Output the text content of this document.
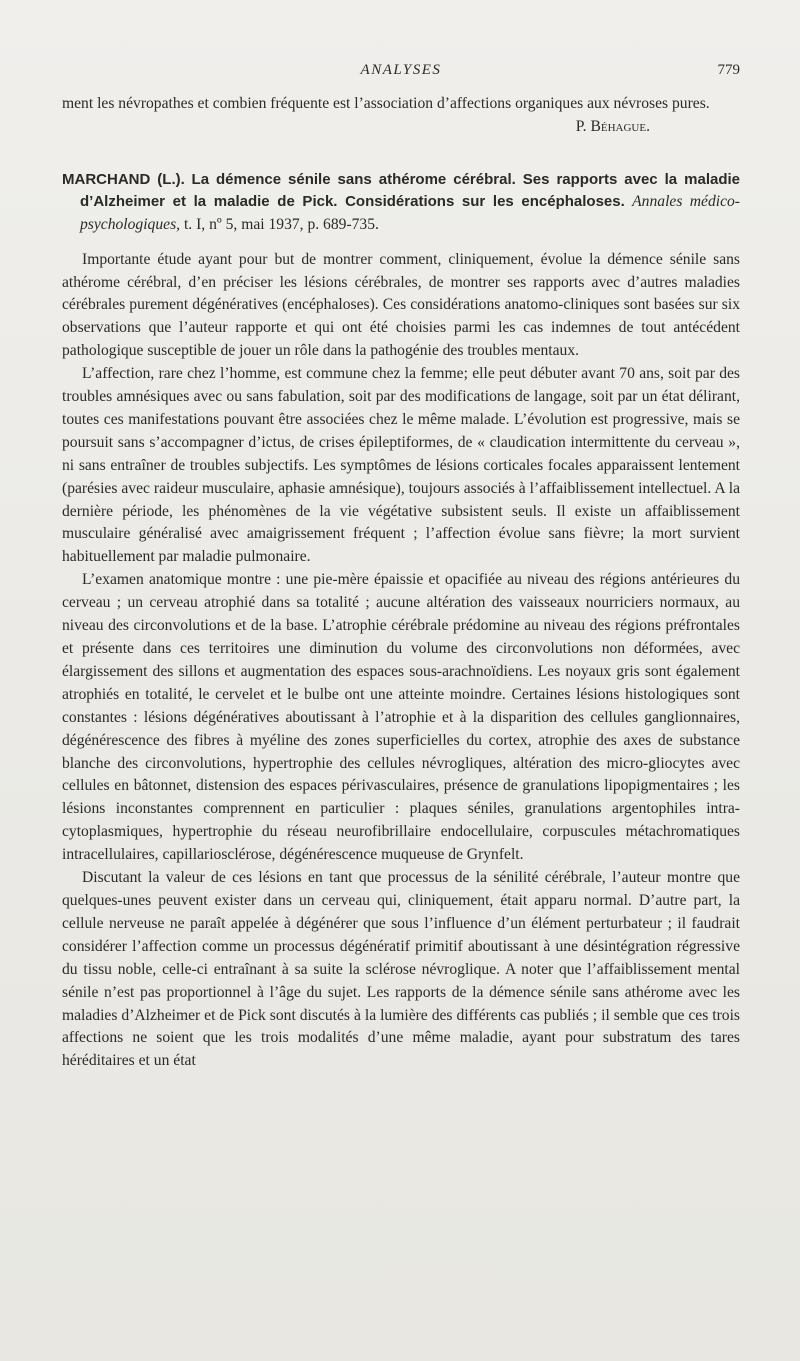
ANALYSES	779

ment les névropathes et combien fréquente est l’association d’affections organiques aux névroses pures.

P. Béhague.

MARCHAND (L.). La démence sénile sans athérome cérébral. Ses rapports avec la maladie d’Alzheimer et la maladie de Pick. Considérations sur les encéphaloses. Annales médico-psychologiques, t. I, nº 5, mai 1937, p. 689-735.

Importante étude ayant pour but de montrer comment, cliniquement, évolue la démence sénile sans athérome cérébral, d’en préciser les lésions cérébrales, de montrer ses rapports avec d’autres maladies cérébrales purement dégénératives (encéphaloses). Ces considérations anatomo-cliniques sont basées sur six observations que l’auteur rapporte et qui ont été choisies parmi les cas indemnes de tout antécédent pathologique susceptible de jouer un rôle dans la pathogénie des troubles mentaux.

L’affection, rare chez l’homme, est commune chez la femme; elle peut débuter avant 70 ans, soit par des troubles amnésiques avec ou sans fabulation, soit par des modifications de langage, soit par un état délirant, toutes ces manifestations pouvant être associées chez le même malade. L’évolution est progressive, mais se poursuit sans s’accompagner d’ictus, de crises épileptiformes, de « claudication intermittente du cerveau », ni sans entraîner de troubles subjectifs. Les symptômes de lésions corticales focales apparaissent lentement (parésies avec raideur musculaire, aphasie amnésique), toujours associés à l’affaiblissement intellectuel. A la dernière période, les phénomènes de la vie végétative subsistent seuls. Il existe un affaiblissement musculaire généralisé avec amaigrissement fréquent ; l’affection évolue sans fièvre; la mort survient habituellement par maladie pulmonaire.

L’examen anatomique montre : une pie-mère épaissie et opacifiée au niveau des régions antérieures du cerveau ; un cerveau atrophié dans sa totalité ; aucune altération des vaisseaux nourriciers normaux, au niveau des circonvolutions et de la base. L’atrophie cérébrale prédomine au niveau des régions préfrontales et présente dans ces territoires une diminution du volume des circonvolutions non déformées, avec élargissement des sillons et augmentation des espaces sous-arachnoïdiens. Les noyaux gris sont également atrophiés en totalité, le cervelet et le bulbe ont une atteinte moindre. Certaines lésions histologiques sont constantes : lésions dégénératives aboutissant à l’atrophie et à la disparition des cellules ganglionnaires, dégénérescence des fibres à myéline des zones superficielles du cortex, atrophie des axes de substance blanche des circonvolutions, hypertrophie des cellules névrogliques, altération des micro-gliocytes avec cellules en bâtonnet, distension des espaces périvasculaires, présence de granulations lipopigmentaires ; les lésions inconstantes comprennent en particulier : plaques séniles, granulations argentophiles intra-cytoplasmiques, hypertrophie du réseau neurofibrillaire endocellulaire, corpuscules métachromatiques intracellulaires, capillariosclérose, dégénérescence muqueuse de Grynfelt.

Discutant la valeur de ces lésions en tant que processus de la sénilité cérébrale, l’auteur montre que quelques-unes peuvent exister dans un cerveau qui, cliniquement, était apparu normal. D’autre part, la cellule nerveuse ne paraît appelée à dégénérer que sous l’influence d’un élément perturbateur ; il faudrait considérer l’affection comme un processus dégénératif primitif aboutissant à une désintégration régressive du tissu noble, celle-ci entraînant à sa suite la sclérose névroglique. A noter que l’affaiblissement mental sénile n’est pas proportionnel à l’âge du sujet. Les rapports de la démence sénile sans athérome avec les maladies d’Alzheimer et de Pick sont discutés à la lumière des différents cas publiés ; il semble que ces trois affections ne soient que les trois modalités d’une même maladie, ayant pour substratum des tares héréditaires et un état
